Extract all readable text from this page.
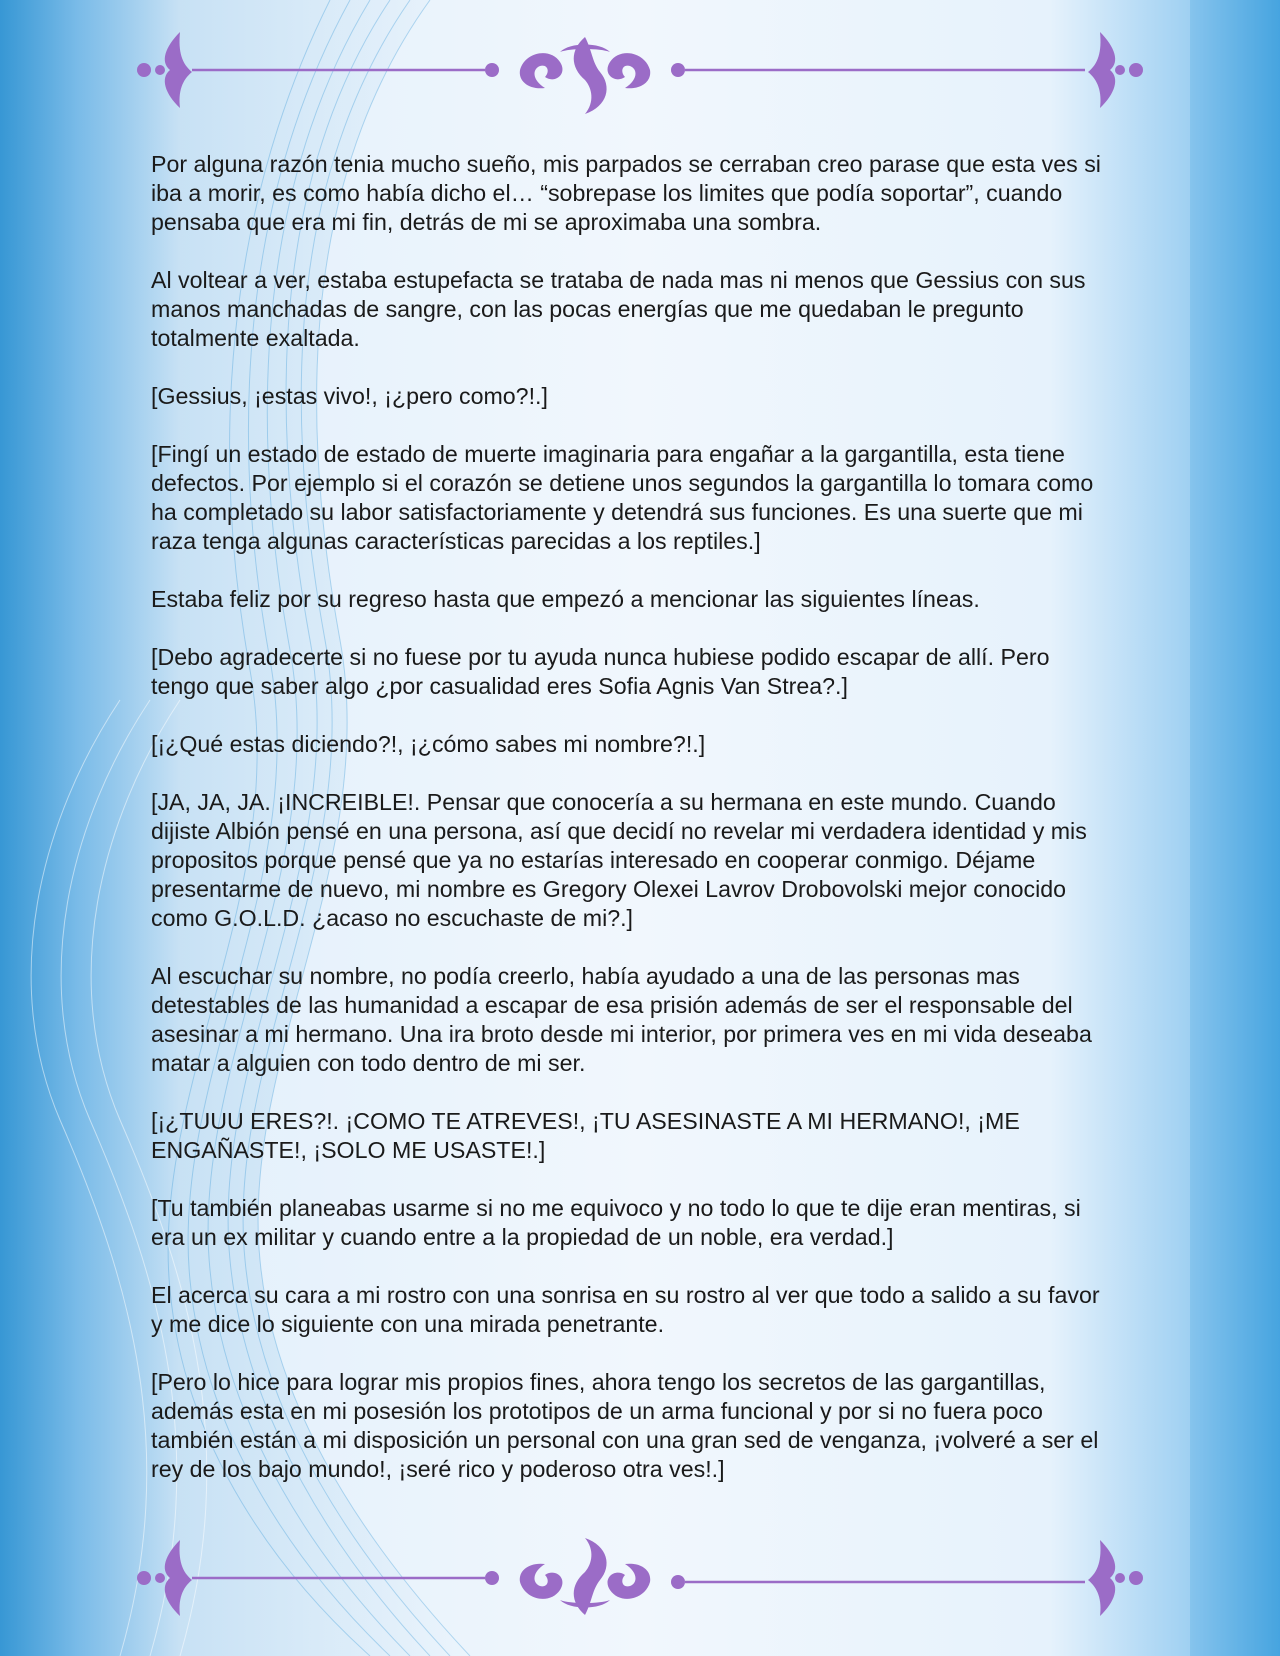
Por alguna razón tenia mucho sueño, mis parpados se cerraban creo parase que esta ves si iba a morir, es como había dicho el… “sobrepase los limites que podía soportar”, cuando pensaba que era mi fin, detrás de mi se aproximaba una sombra.

Al voltear a ver, estaba estupefacta se trataba de nada mas ni menos que Gessius con sus manos manchadas de sangre, con las pocas energías que me quedaban le pregunto totalmente exaltada.

[Gessius, ¡estas vivo!, ¡¿pero como?!.]

[Fingí un estado de estado de muerte imaginaria para engañar a la gargantilla, esta tiene defectos. Por ejemplo si el corazón se detiene unos segundos la gargantilla lo tomara como ha completado su labor satisfactoriamente y detendrá sus funciones. Es una suerte que mi raza tenga algunas características parecidas a los reptiles.]

Estaba feliz por su regreso hasta que empezó a mencionar las siguientes líneas.

[Debo agradecerte si no fuese por tu ayuda nunca hubiese podido escapar de allí. Pero tengo que saber algo ¿por casualidad eres Sofia Agnis Van Strea?.]

[¡¿Qué estas diciendo?!, ¡¿cómo sabes mi nombre?!.]

[JA, JA, JA. ¡INCREIBLE!. Pensar que conocería a su hermana en este mundo. Cuando dijiste Albión pensé en una persona, así que decidí no revelar mi verdadera identidad y mis propositos porque pensé que ya no estarías interesado en cooperar conmigo. Déjame presentarme de nuevo, mi nombre es Gregory Olexei Lavrov Drobovolski mejor conocido como G.O.L.D. ¿acaso no escuchaste de mi?.]

Al escuchar su nombre, no podía creerlo, había ayudado a una de las personas mas detestables de las humanidad a escapar de esa prisión además de ser el responsable del asesinar a mi hermano. Una ira broto desde mi interior, por primera ves en mi vida deseaba matar a alguien con todo dentro de mi ser.

[¡¿TUUU ERES?!. ¡COMO TE ATREVES!, ¡TU ASESINASTE A MI HERMANO!, ¡ME ENGAÑASTE!, ¡SOLO ME USASTE!.]

[Tu también planeabas usarme si no me equivoco y no todo lo que te dije eran mentiras, si era un ex militar y cuando entre a la propiedad de un noble, era verdad.]

El acerca su cara a mi rostro con una sonrisa en su rostro al ver que todo a salido a su favor y me dice lo siguiente con una mirada penetrante.

[Pero lo hice para lograr mis propios fines, ahora tengo los secretos de las gargantillas, además esta en mi posesión los prototipos de un arma funcional y por si no fuera poco también están a mi disposición un personal con una gran sed de venganza, ¡volveré a ser el rey de los bajo mundo!, ¡seré rico y poderoso otra ves!.]
